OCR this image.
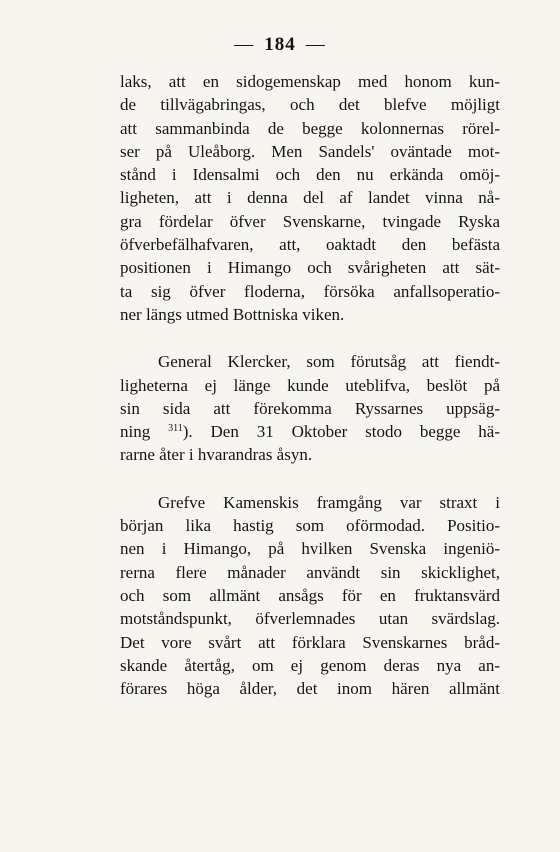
— 184 —
laks, att en sidogemenskap med honom kun-
de tillvägabringas, och det blefve möjligt
att sammanbinda de begge kolonnernas rörel-
ser på Uleåborg. Men Sandels' oväntade mot-
stånd i Idensalmi och den nu erkända omöj-
ligheten, att i denna del af landet vinna nå-
gra fördelar öfver Svenskarne, tvingade Ryska
öfverbefälhafvaren, att, oaktadt den befästa
positionen i Himango och svårigheten att sät-
ta sig öfver floderna, försöka anfallsoperatio-
ner längs utmed Bottniska viken.
General Klercker, som förutsåg att fiendt-
ligheterna ej länge kunde uteblifva, beslöt på
sin sida att förekomma Ryssarnes uppsäg-
ning $^{311}$). Den 31 Oktober stodo begge hä-
rarne åter i hvarandras åsyn.
Grefve Kamenskis framgång var straxt i
början lika hastig som oförmodad. Positio-
nen i Himango, på hvilken Svenska ingeniö-
rerna flere månader användt sin skicklighet,
och som allmänt ansågs för en fruktansvärd
motståndspunkt, öfverlemnades utan svärdslag.
Det vore svårt att förklara Svenskarnes bråd-
skande återtåg, om ej genom deras nya an-
förares höga ålder, det inom hären allmänt
